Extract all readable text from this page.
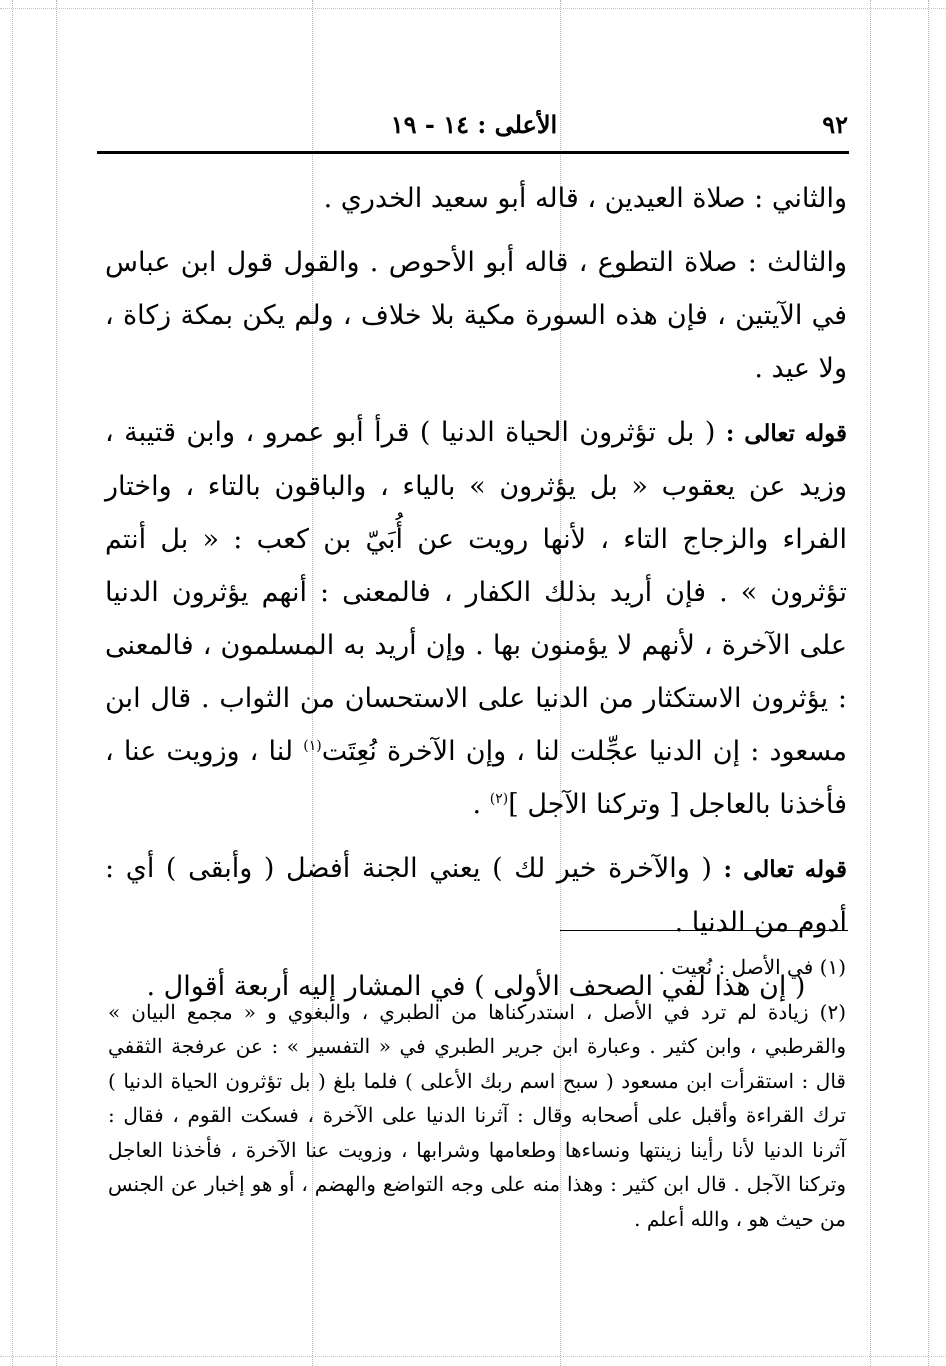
٩٢
الأعلى : ١٤ - ١٩

والثاني : صلاة العيدين ، قاله أبو سعيد الخدري .

والثالث : صلاة التطوع ، قاله أبو الأحوص . والقول قول ابن عباس في الآيتين ، فإن هذه السورة مكية بلا خلاف ، ولم يكن بمكة زكاة ، ولا عيد .

قوله تعالى : ( بل تؤثرون الحياة الدنيا ) قرأ أبو عمرو ، وابن قتيبة ، وزيد عن يعقوب « بل يؤثرون » بالياء ، والباقون بالتاء ، واختار الفراء والزجاج التاء ، لأنها رويت عن أُبَيّ بن كعب : « بل أنتم تؤثرون » . فإن أريد بذلك الكفار ، فالمعنى : أنهم يؤثرون الدنيا على الآخرة ، لأنهم لا يؤمنون بها . وإن أريد به المسلمون ، فالمعنى : يؤثرون الاستكثار من الدنيا على الاستحسان من الثواب . قال ابن مسعود : إن الدنيا عجِّلت لنا ، وإن الآخرة نُعِتَت$^{(١)}$ لنا ، وزويت عنا ، فأخذنا بالعاجل [ وتركنا الآجل ]$^{(٢)}$ .

قوله تعالى : ( والآخرة خير لك ) يعني الجنة أفضل ( وأبقى ) أي : أدوم من الدنيا .

( إن هذا لفي الصحف الأولى ) في المشار إليه أربعة أقوال .

(١) في الأصل : نُعيت .

(٢) زيادة لم ترد في الأصل ، استدركناها من الطبري ، والبغوي و « مجمع البيان » والقرطبي ، وابن كثير . وعبارة ابن جرير الطبري في « التفسير » : عن عرفجة الثقفي قال : استقرأت ابن مسعود ( سبح اسم ربك الأعلى ) فلما بلغ ( بل تؤثرون الحياة الدنيا ) ترك القراءة وأقبل على أصحابه وقال : آثرنا الدنيا على الآخرة ، فسكت القوم ، فقال : آثرنا الدنيا لأنا رأينا زينتها ونساءها وطعامها وشرابها ، وزويت عنا الآخرة ، فأخذنا العاجل وتركنا الآجل . قال ابن كثير : وهذا منه على وجه التواضع والهضم ، أو هو إخبار عن الجنس من حيث هو ، والله أعلم .
